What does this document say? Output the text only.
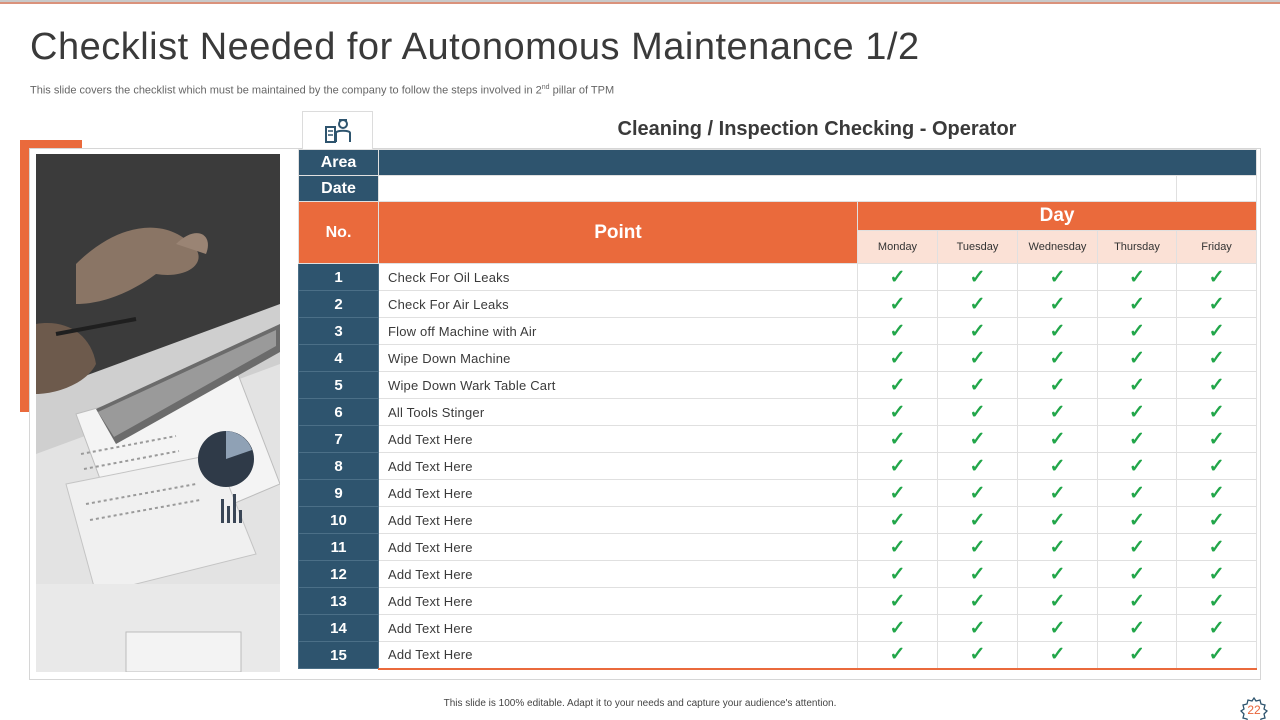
Checklist Needed for Autonomous Maintenance 1/2

This slide covers the checklist which must be maintained by the company to follow the steps involved in 2nd pillar of TPM

Cleaning / Inspection Checking - Operator
Area						
Date						
No.	Point	Day				
		Monday	Tuesday	Wednesday	Thursday	Friday
1	Check For Oil Leaks	✓	✓	✓	✓	✓
2	Check For Air Leaks	✓	✓	✓	✓	✓
3	Flow off Machine with Air	✓	✓	✓	✓	✓
4	Wipe Down Machine	✓	✓	✓	✓	✓
5	Wipe Down Wark Table Cart	✓	✓	✓	✓	✓
6	All Tools Stinger	✓	✓	✓	✓	✓
7	Add Text Here	✓	✓	✓	✓	✓
8	Add Text Here	✓	✓	✓	✓	✓
9	Add Text Here	✓	✓	✓	✓	✓
10	Add Text Here	✓	✓	✓	✓	✓
11	Add Text Here	✓	✓	✓	✓	✓
12	Add Text Here	✓	✓	✓	✓	✓
13	Add Text Here	✓	✓	✓	✓	✓
14	Add Text Here	✓	✓	✓	✓	✓
15	Add Text Here	✓	✓	✓	✓	✓
This slide is 100% editable. Adapt it to your needs and capture your audience's attention.	22
